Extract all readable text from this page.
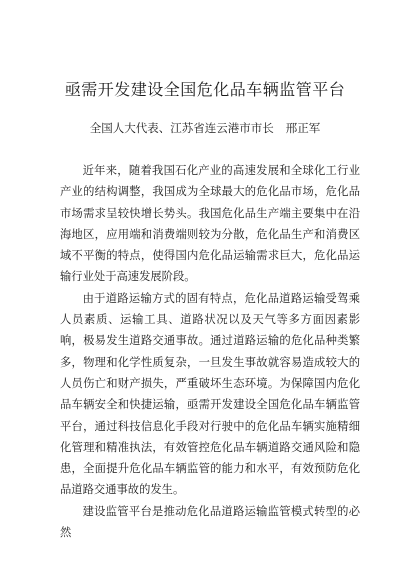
亟需开发建设全国危化品车辆监管平台
全国人大代表、江苏省连云港市市长 邢正军

近年来，随着我国石化产业的高速发展和全球化工行业产业的结构调整，我国成为全球最大的危化品市场，危化品市场需求呈较快增长势头。我国危化品生产端主要集中在沿海地区，应用端和消费端则较为分散，危化品生产和消费区域不平衡的特点，使得国内危化品运输需求巨大，危化品运输行业处于高速发展阶段。

由于道路运输方式的固有特点，危化品道路运输受驾乘人员素质、运输工具、道路状况以及天气等多方面因素影响，极易发生道路交通事故。通过道路运输的危化品种类繁多，物理和化学性质复杂，一旦发生事故就容易造成较大的人员伤亡和财产损失，严重破坏生态环境。为保障国内危化品车辆安全和快捷运输，亟需开发建设全国危化品车辆监管平台，通过科技信息化手段对行驶中的危化品车辆实施精细化管理和精准执法，有效管控危化品车辆道路交通风险和隐患，全面提升危化品车辆监管的能力和水平，有效预防危化品道路交通事故的发生。

建设监管平台是推动危化品道路运输监管模式转型的必然
